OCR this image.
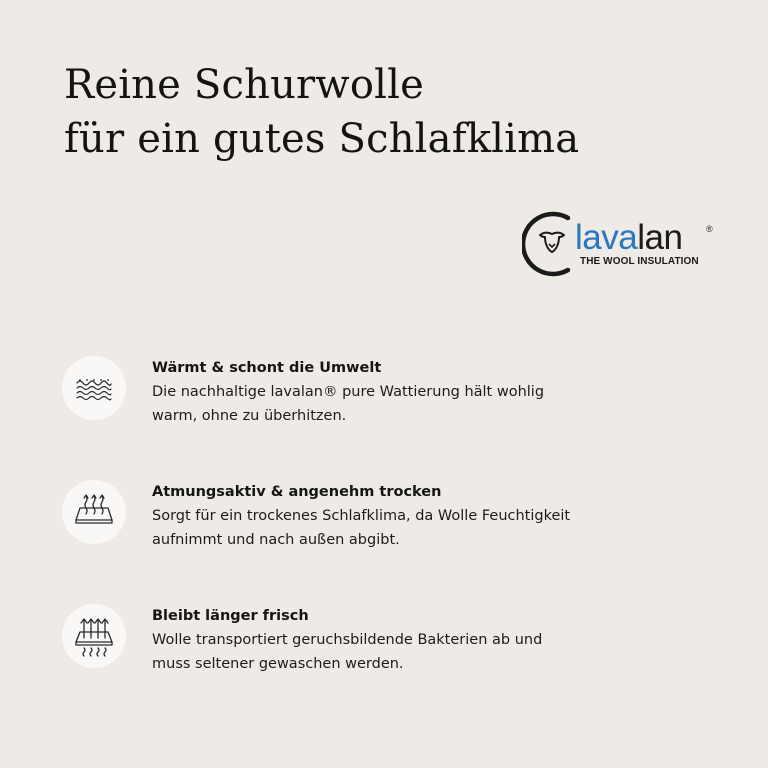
Reine Schurwolle
für ein gutes Schlafklima
lavalan	®
THE WOOL INSULATION
Wärmt & schont die Umwelt

Die nachhaltige lavalan® pure Wattierung hält wohlig
warm, ohne zu überhitzen.

Atmungsaktiv & angenehm trocken

Sorgt für ein trockenes Schlafklima, da Wolle Feuchtigkeit
aufnimmt und nach außen abgibt.

Bleibt länger frisch

Wolle transportiert geruchsbildende Bakterien ab und
muss seltener gewaschen werden.
